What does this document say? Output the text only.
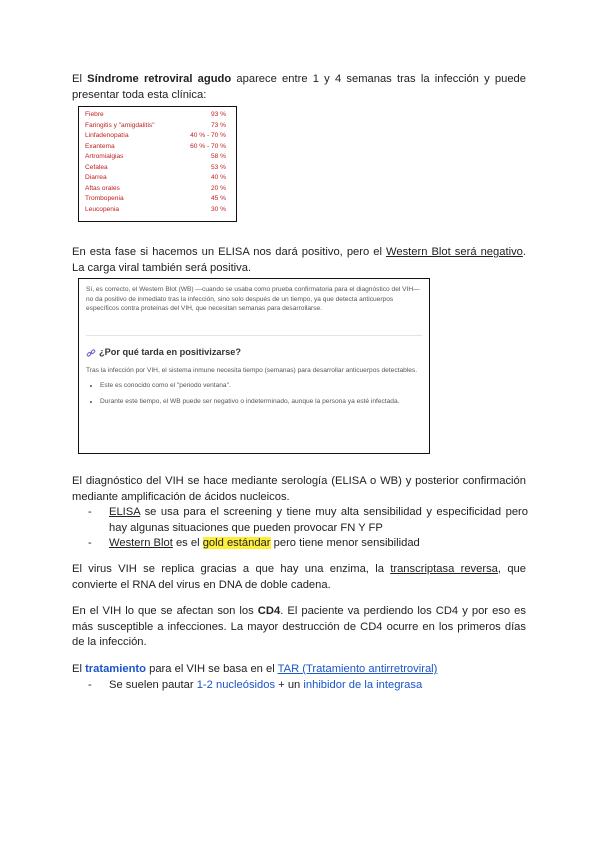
El Síndrome retroviral agudo aparece entre 1 y 4 semanas tras la infección y puede presentar toda esta clínica:

Fiebre	93 %
Faringitis y "amigdalitis"	73 %
Linfadenopatía	40 % - 70 %
Exantema	60 % - 70 %
Artromialgias	58 %
Cefalea	53 %
Diarrea	40 %
Aftas orales	20 %
Trombopenia	45 %
Leucopenia	30 %

En esta fase si hacemos un ELISA nos dará positivo, pero el Western Blot será negativo. La carga viral también será positiva.

Sí, es correcto, el Western Blot (WB) —cuando se usaba como prueba confirmatoria para el diagnóstico del VIH— no da positivo de inmediato tras la infección, sino solo después de un tiempo, ya que detecta anticuerpos específicos contra proteínas del VIH, que necesitan semanas para desarrollarse.

¿Por qué tarda en positivizarse?

Tras la infección por VIH, el sistema inmune necesita tiempo (semanas) para desarrollar anticuerpos detectables.

• Este es conocido como el "periodo ventana".
• Durante este tiempo, el WB puede ser negativo o indeterminado, aunque la persona ya esté infectada.

El diagnóstico del VIH se hace mediante serología (ELISA o WB) y posterior confirmación mediante amplificación de ácidos nucleicos.

- ELISA se usa para el screening y tiene muy alta sensibilidad y especificidad pero hay algunas situaciones que pueden provocar FN Y FP
- Western Blot es el gold estándar pero tiene menor sensibilidad

El virus VIH se replica gracias a que hay una enzima, la transcriptasa reversa, que convierte el RNA del virus en DNA de doble cadena.

En el VIH lo que se afectan son los CD4. El paciente va perdiendo los CD4 y por eso es más susceptible a infecciones. La mayor destrucción de CD4 ocurre en los primeros días de la infección.

El tratamiento para el VIH se basa en el TAR (Tratamiento antirretroviral)

- Se suelen pautar 1-2 nucleósidos + un inhibidor de la integrasa
